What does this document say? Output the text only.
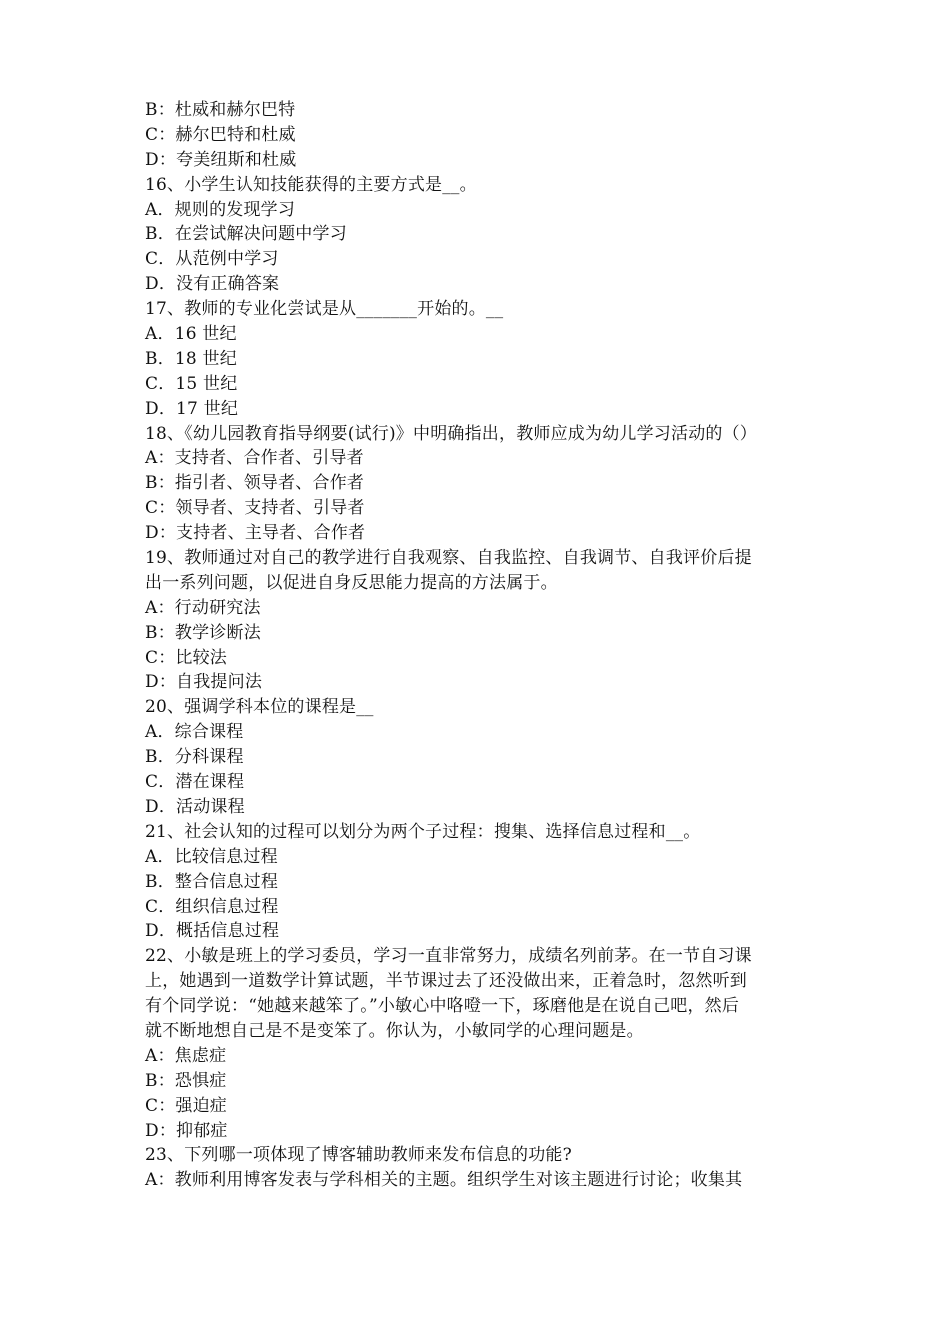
B：杜威和赫尔巴特
C：赫尔巴特和杜威
D：夸美纽斯和杜威
16、小学生认知技能获得的主要方式是__。
A．规则的发现学习
B．在尝试解决问题中学习
C．从范例中学习
D．没有正确答案
17、教师的专业化尝试是从_______开始的。__
A．16 世纪
B．18 世纪
C．15 世纪
D．17 世纪
18、《幼儿园教育指导纲要(试行)》中明确指出，教师应成为幼儿学习活动的（）
A：支持者、合作者、引导者
B：指引者、领导者、合作者
C：领导者、支持者、引导者
D：支持者、主导者、合作者
19、教师通过对自己的教学进行自我观察、自我监控、自我调节、自我评价后提
出一系列问题，以促进自身反思能力提高的方法属于。
A：行动研究法
B：教学诊断法
C：比较法
D：自我提问法
20、强调学科本位的课程是__
A．综合课程
B．分科课程
C．潜在课程
D．活动课程
21、社会认知的过程可以划分为两个子过程：搜集、选择信息过程和__。
A．比较信息过程
B．整合信息过程
C．组织信息过程
D．概括信息过程
22、小敏是班上的学习委员，学习一直非常努力，成绩名列前茅。在一节自习课
上，她遇到一道数学计算试题，半节课过去了还没做出来，正着急时，忽然听到
有个同学说：“她越来越笨了。”小敏心中咯噔一下，琢磨他是在说自己吧，然后
就不断地想自己是不是变笨了。你认为，小敏同学的心理问题是。
A：焦虑症
B：恐惧症
C：强迫症
D：抑郁症
23、下列哪一项体现了博客辅助教师来发布信息的功能?
A：教师利用博客发表与学科相关的主题。组织学生对该主题进行讨论；收集其
